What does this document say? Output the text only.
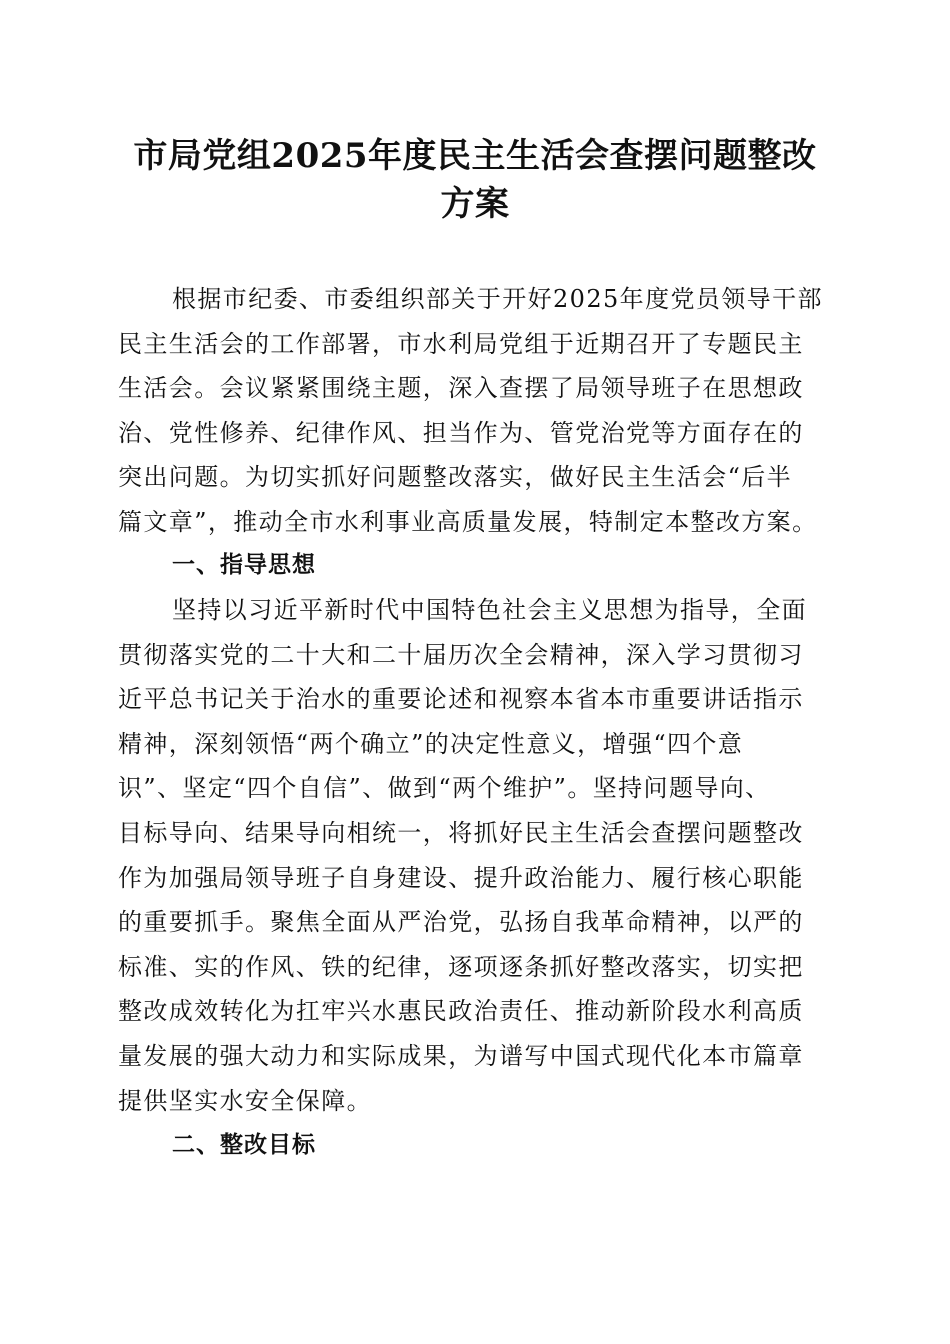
市局党组2025年度民主生活会查摆问题整改
方案
根据市纪委、市委组织部关于开好2025年度党员领导干部
民主生活会的工作部署，市水利局党组于近期召开了专题民主
生活会。会议紧紧围绕主题，深入查摆了局领导班子在思想政
治、党性修养、纪律作风、担当作为、管党治党等方面存在的
突出问题。为切实抓好问题整改落实，做好民主生活会“后半
篇文章”，推动全市水利事业高质量发展，特制定本整改方案。
一、指导思想
坚持以习近平新时代中国特色社会主义思想为指导，全面
贯彻落实党的二十大和二十届历次全会精神，深入学习贯彻习
近平总书记关于治水的重要论述和视察本省本市重要讲话指示
精神，深刻领悟“两个确立”的决定性意义，增强“四个意
识”、坚定“四个自信”、做到“两个维护”。坚持问题导向、
目标导向、结果导向相统一，将抓好民主生活会查摆问题整改
作为加强局领导班子自身建设、提升政治能力、履行核心职能
的重要抓手。聚焦全面从严治党，弘扬自我革命精神，以严的
标准、实的作风、铁的纪律，逐项逐条抓好整改落实，切实把
整改成效转化为扛牢兴水惠民政治责任、推动新阶段水利高质
量发展的强大动力和实际成果，为谱写中国式现代化本市篇章
提供坚实水安全保障。
二、整改目标
